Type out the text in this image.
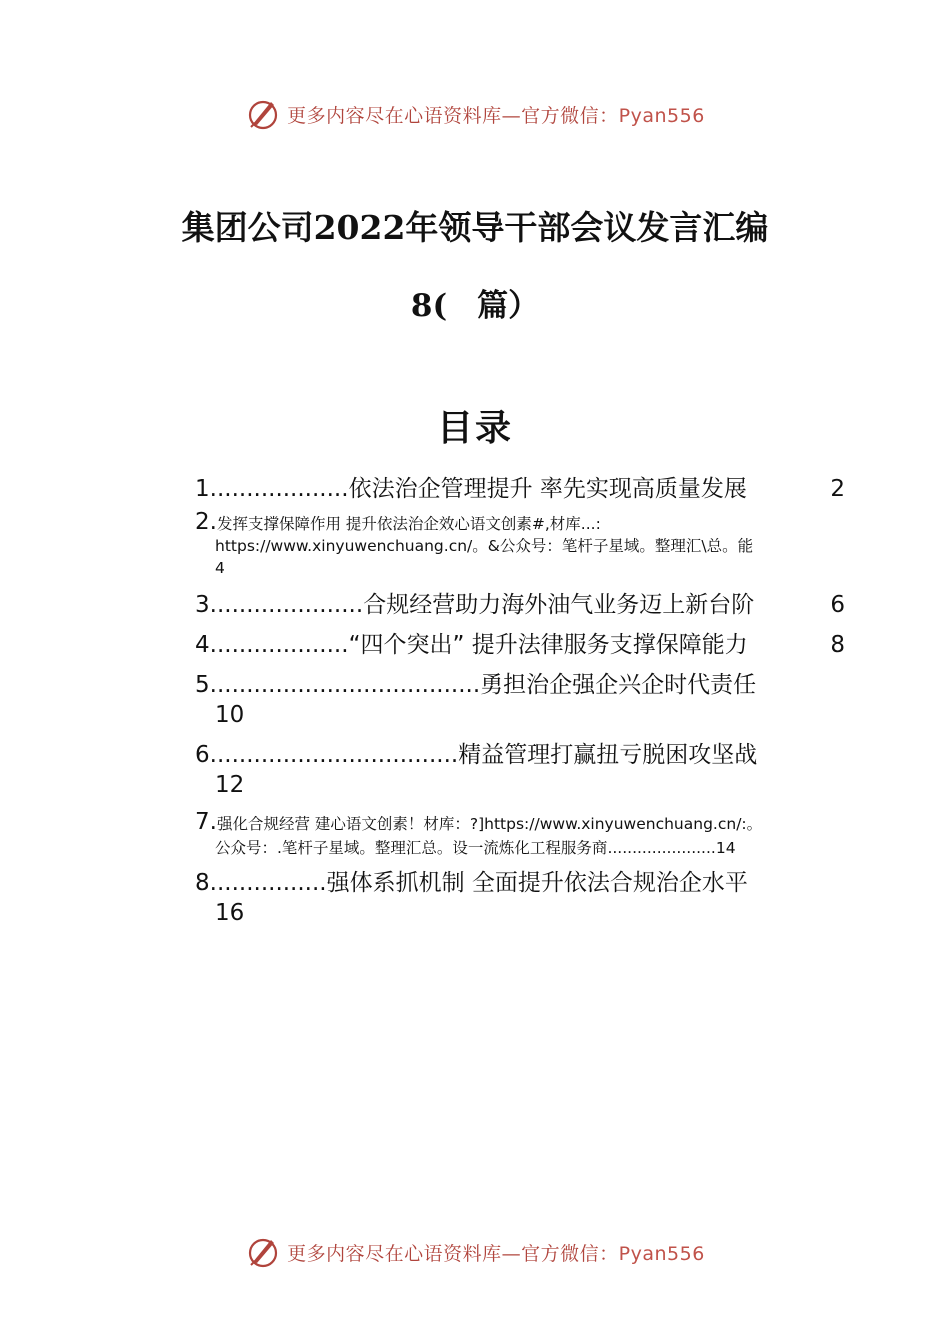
更多内容尽在心语资料库—官方微信：Pyan556
集团公司2022年领导干部会议发言汇编
8( 篇）
目录
1...................依法治企管理提升 率先实现高质量发展	2
2.发挥支撑保障作用 提升依法治企效心语文创素#,材库...:
https://www.xinyuwenchuang.cn/。&公众号：笔杆子星域。整理汇\总。能
4
3.....................合规经营助力海外油气业务迈上新台阶	6
4...................“四个突出” 提升法律服务支撑保障能力	8
5.....................................勇担治企强企兴企时代责任
10
6..................................精益管理打赢扭亏脱困攻坚战
12
7.强化合规经营 建心语文创素！材库：?]https://www.xinyuwenchuang.cn/:。
公众号：.笔杆子星域。整理汇总。设一流炼化工程服务商......................14
8................强体系抓机制 全面提升依法合规治企水平
16
更多内容尽在心语资料库—官方微信：Pyan556
